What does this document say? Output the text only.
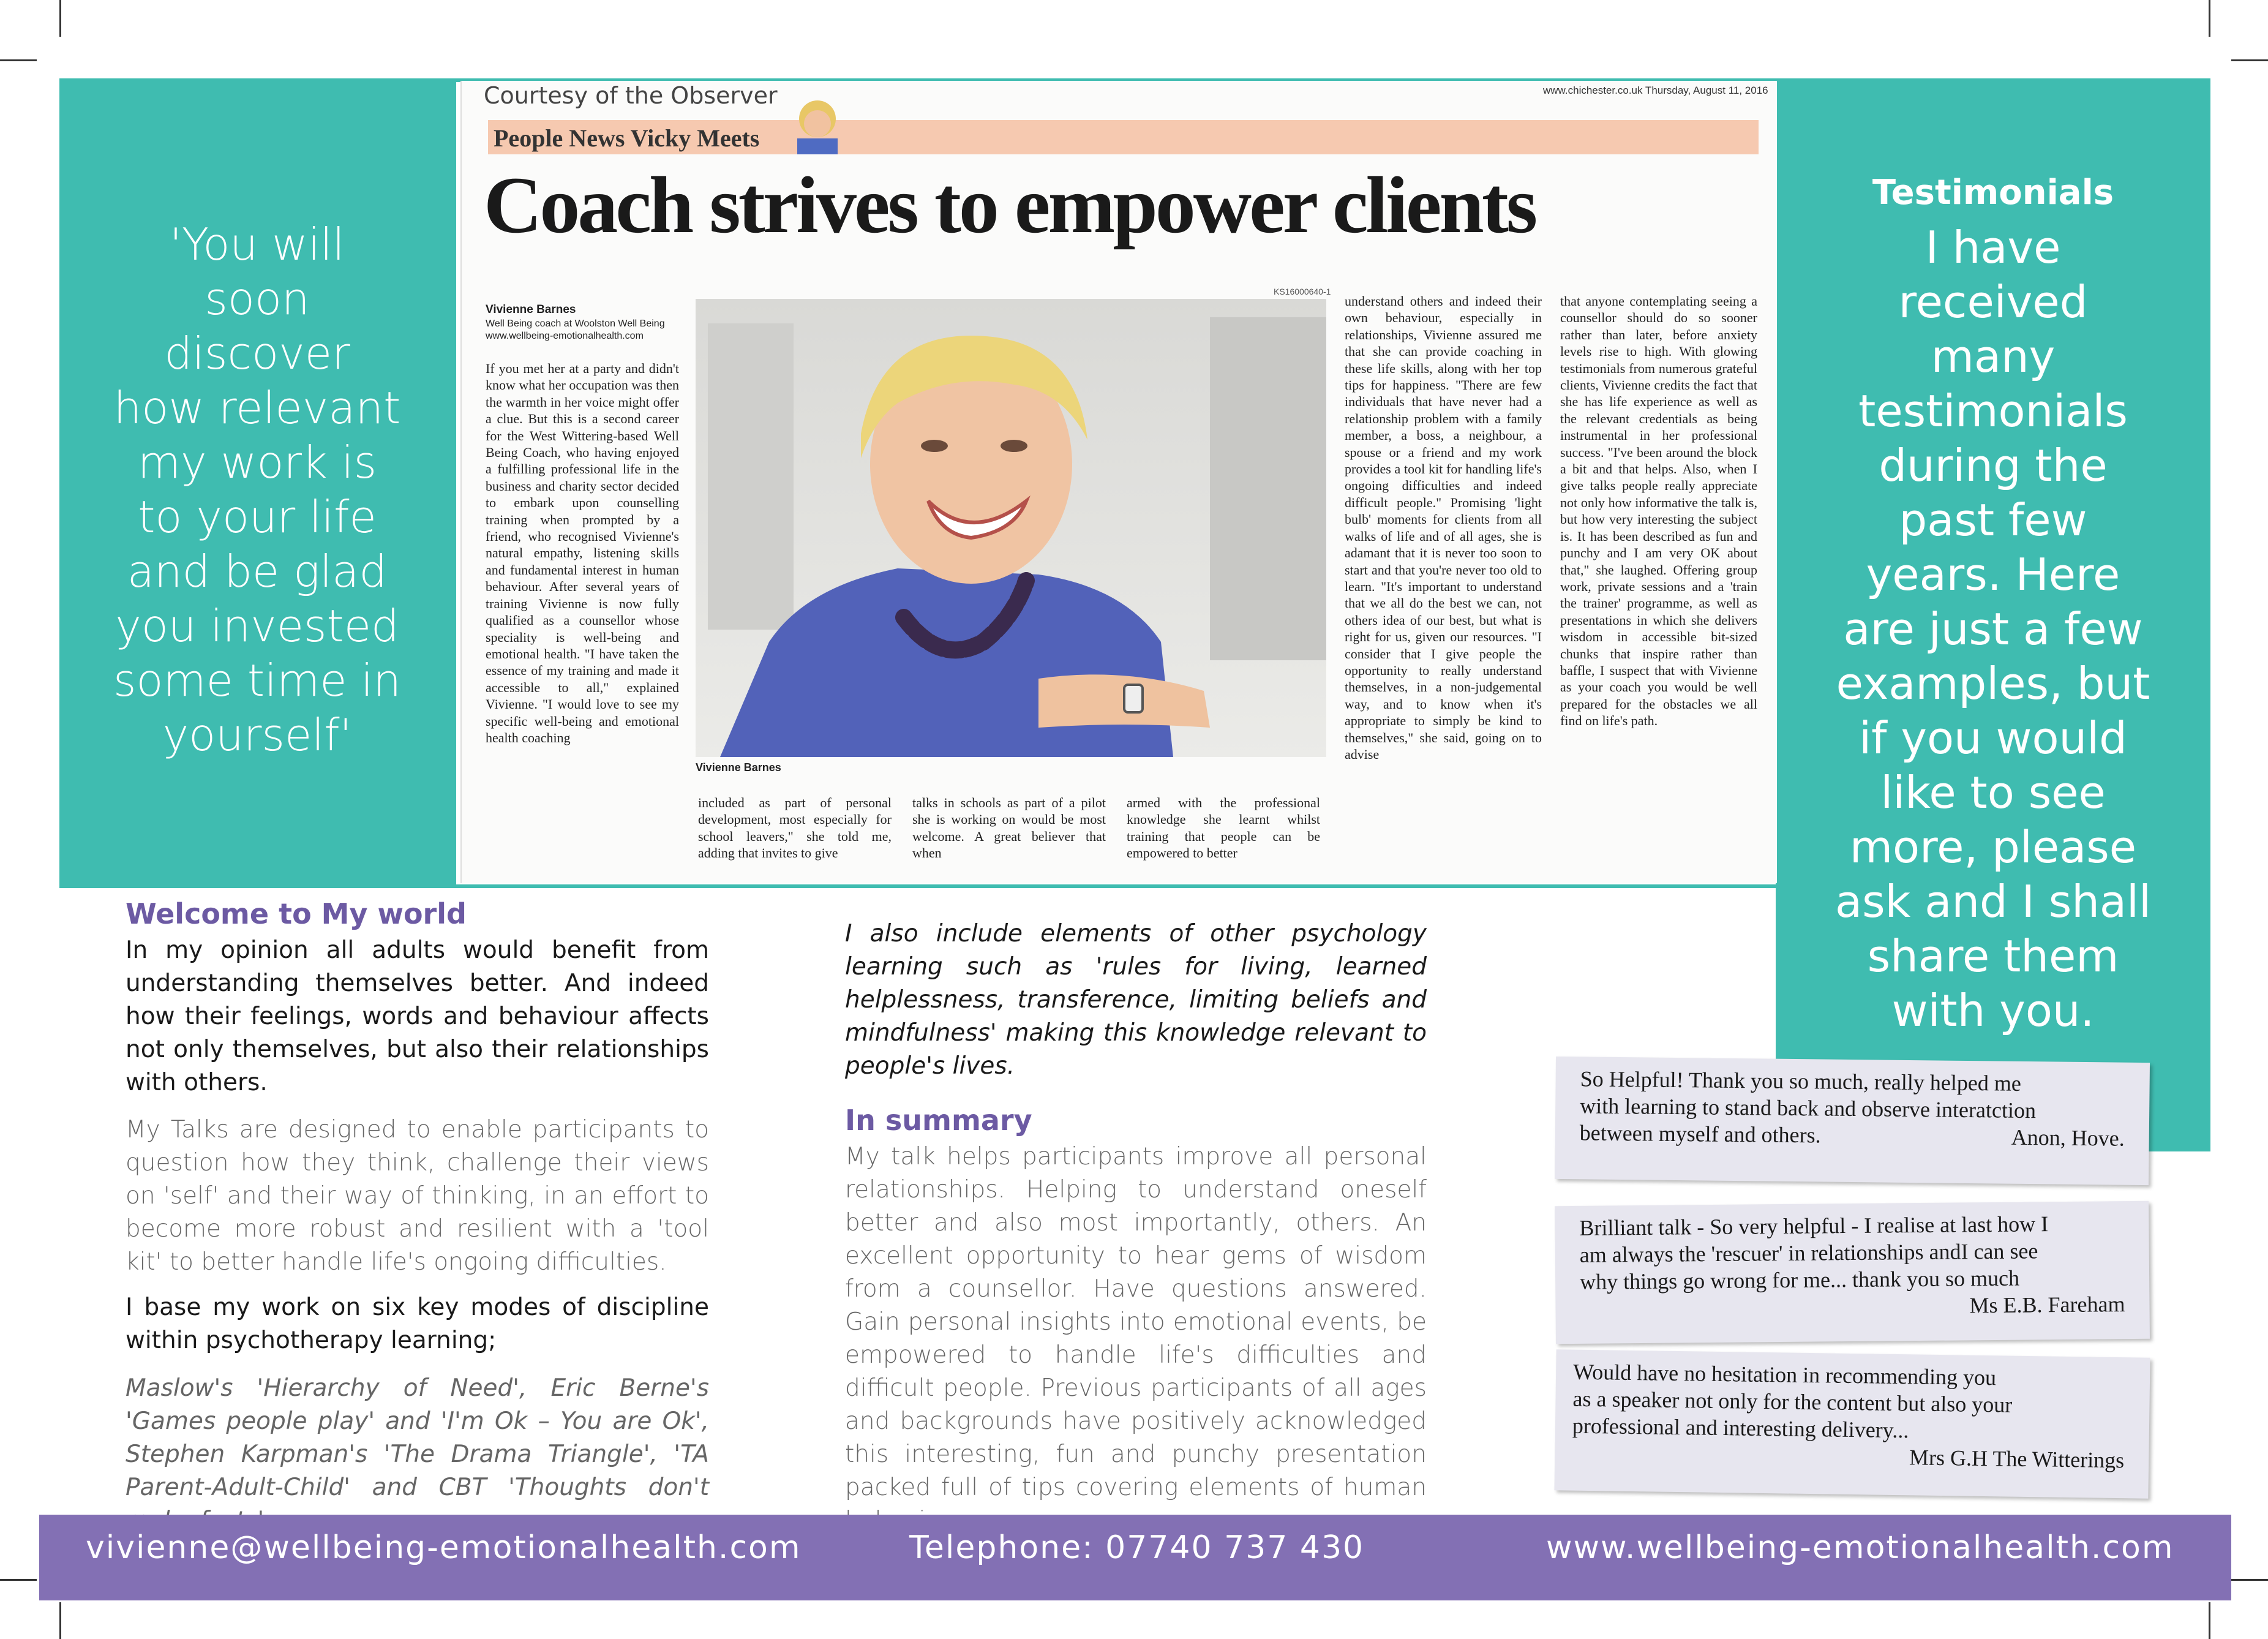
'You will
soon
discover
how relevant
my work is
to your life
and be glad
you invested
some time in
yourself'
Testimonials
I have
received
many
testimonials
during the
past few
years. Here
are just a few
examples, but
if you would
like to see
more, please
ask and I shall
share them
with you.
Courtesy of the Observer	www.chichester.co.uk Thursday, August 11, 2016
People News Vicky Meets
Coach strives to empower clients
Vivienne Barnes
Well Being coach at Woolston Well Being
www.wellbeing-emotionalhealth.com
If you met her at a party and didn't know what her occupation was then the warmth in her voice might offer a clue. But this is a second career for the West Wittering-based Well Being Coach, who having enjoyed a fulfilling professional life in the business and charity sector decided to embark upon counselling training when prompted by a friend, who recognised Vivienne's natural empathy, listening skills and fundamental interest in human behaviour. After several years of training Vivienne is now fully qualified as a counsellor whose speciality is well-being and emotional health. "I have taken the essence of my training and made it accessible to all," explained Vivienne. "I would love to see my specific well-being and emotional health coaching
included as part of personal development, most especially for school leavers," she told me, adding that invites to give
talks in schools as part of a pilot she is working on would be most welcome. A great believer that when
armed with the professional knowledge she learnt whilst training that people can be empowered to better
understand others and indeed their own behaviour, especially in relationships, Vivienne assured me that she can provide coaching in these life skills, along with her top tips for happiness. "There are few individuals that have never had a relationship problem with a family member, a boss, a neighbour, a spouse or a friend and my work provides a tool kit for handling life's ongoing difficulties and indeed difficult people." Promising 'light bulb' moments for clients from all walks of life and of all ages, she is adamant that it is never too soon to start and that you're never too old to learn. "It's important to understand that we all do the best we can, not others idea of our best, but what is right for us, given our resources. "I consider that I give people the opportunity to really understand themselves, in a non-judgemental way, and to know when it's appropriate to simply be kind to themselves," she said, going on to advise
that anyone contemplating seeing a counsellor should do so sooner rather than later, before anxiety levels rise to high. With glowing testimonials from numerous grateful clients, Vivienne credits the fact that she has life experience as well as the relevant credentials as being instrumental in her professional success. "I've been around the block a bit and that helps. Also, when I give talks people really appreciate not only how informative the talk is, but how very interesting the subject is. It has been described as fun and punchy and I am very OK about that," she laughed. Offering group work, private sessions and a 'train the trainer' programme, as well as presentations in which she delivers wisdom in accessible bit-sized chunks that inspire rather than baffle, I suspect that with Vivienne as your coach you would be well prepared for the obstacles we all find on life's path.
KS16000640-1
Vivienne Barnes
Welcome to My world
In my opinion all adults would benefit from understanding themselves better. And indeed how their feelings, words and behaviour affects not only themselves, but also their relationships with others.
My Talks are designed to enable participants to question how they think, challenge their views on 'self' and their way of thinking, in an effort to become more robust and resilient with a 'tool kit' to better handle life's ongoing difficulties.
I base my work on six key modes of discipline within psychotherapy learning;
Maslow's 'Hierarchy of Need', Eric Berne's 'Games people play' and 'I'm Ok – You are Ok', Stephen Karpman's 'The Drama Triangle', 'TA Parent-Adult-Child' and CBT 'Thoughts don't
I also include elements of other psychology learning such as 'rules for living, learned helplessness, transference, limiting beliefs and mindfulness' making this knowledge relevant to people's lives.
In summary
My talk helps participants improve all personal relationships. Helping to understand oneself better and also most importantly, others. An excellent opportunity to hear gems of wisdom from a counsellor. Have questions answered. Gain personal insights into emotional events, be empowered to handle life's difficulties and difficult people. Previous participants of all ages and backgrounds have positively acknowledged this interesting, fun and punchy presentation packed full of tips covering elements of human
So Helpful! Thank you so much, really helped me
with learning to stand back and observe interatction
between myself and others.	Anon, Hove.
Brilliant talk - So very helpful - I realise at last how I
am always the 'rescuer' in relationships andI can see
why things go wrong for me... thank you so much
Ms E.B. Fareham
Would have no hesitation in recommending you
as a speaker not only for the content but also your
professional and interesting delivery...
Mrs G.H The Witterings
vivienne@wellbeing-emotionalhealth.com	Telephone: 07740 737 430	www.wellbeing-emotionalhealth.com
